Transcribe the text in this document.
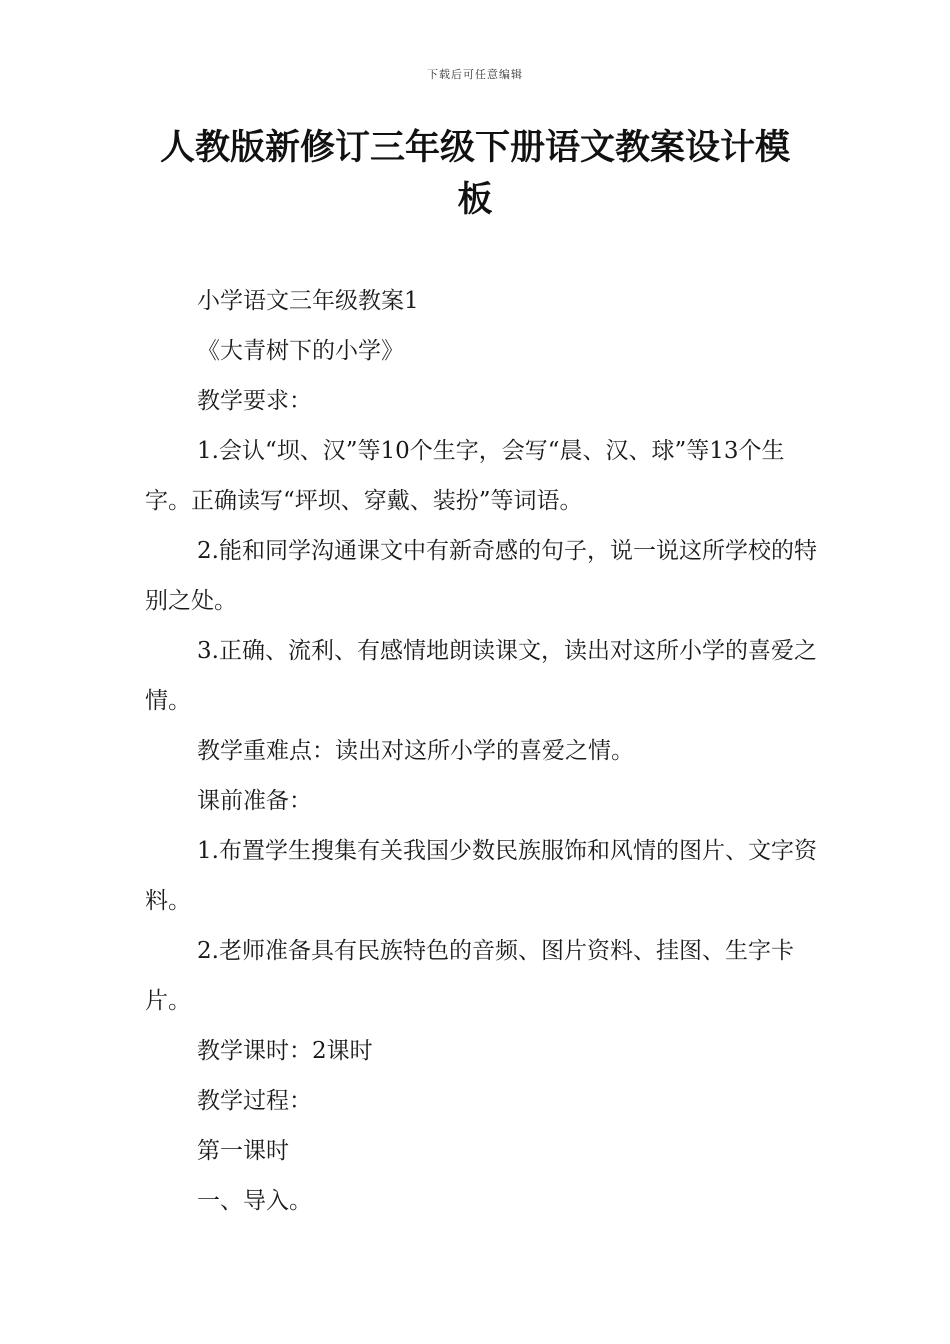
下载后可任意编辑
人教版新修订三年级下册语文教案设计模
板

小学语文三年级教案1

《大青树下的小学》

教学要求：

1.会认“坝、汉”等10个生字，会写“晨、汉、球”等13个生字。正确读写“坪坝、穿戴、装扮”等词语。

2.能和同学沟通课文中有新奇感的句子，说一说这所学校的特别之处。

3.正确、流利、有感情地朗读课文，读出对这所小学的喜爱之情。

教学重难点：读出对这所小学的喜爱之情。

课前准备：

1.布置学生搜集有关我国少数民族服饰和风情的图片、文字资料。

2.老师准备具有民族特色的音频、图片资料、挂图、生字卡片。

教学课时：2课时

教学过程：

第一课时

一、导入。
